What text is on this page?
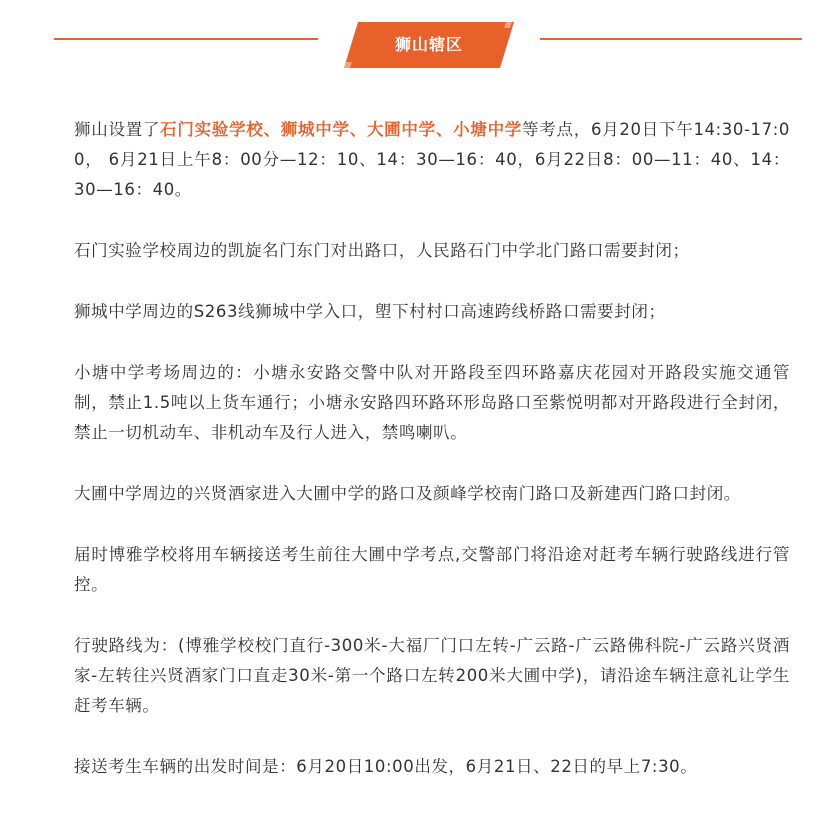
狮山辖区

狮山设置了石门实验学校、狮城中学、大圃中学、小塘中学等考点，6月20日下午14:30-17:00， 6月21日上午8：00分—12：10、14：30—16：40，6月22日8：00—11：40、14：30—16：40。

石门实验学校周边的凯旋名门东门对出路口，人民路石门中学北门路口需要封闭；

狮城中学周边的S263线狮城中学入口，塱下村村口高速跨线桥路口需要封闭；

小塘中学考场周边的：小塘永安路交警中队对开路段至四环路嘉庆花园对开路段实施交通管制，禁止1.5吨以上货车通行；小塘永安路四环路环形岛路口至紫悦明都对开路段进行全封闭，禁止一切机动车、非机动车及行人进入，禁鸣喇叭。

大圃中学周边的兴贤酒家进入大圃中学的路口及颜峰学校南门路口及新建西门路口封闭。

届时博雅学校将用车辆接送考生前往大圃中学考点,交警部门将沿途对赶考车辆行驶路线进行管控。

行驶路线为：(博雅学校校门直行-300米-大福厂门口左转-广云路-广云路佛科院-广云路兴贤酒家-左转往兴贤酒家门口直走30米-第一个路口左转200米大圃中学)，请沿途车辆注意礼让学生赶考车辆。

接送考生车辆的出发时间是：6月20日10:00出发，6月21日、22日的早上7:30。
